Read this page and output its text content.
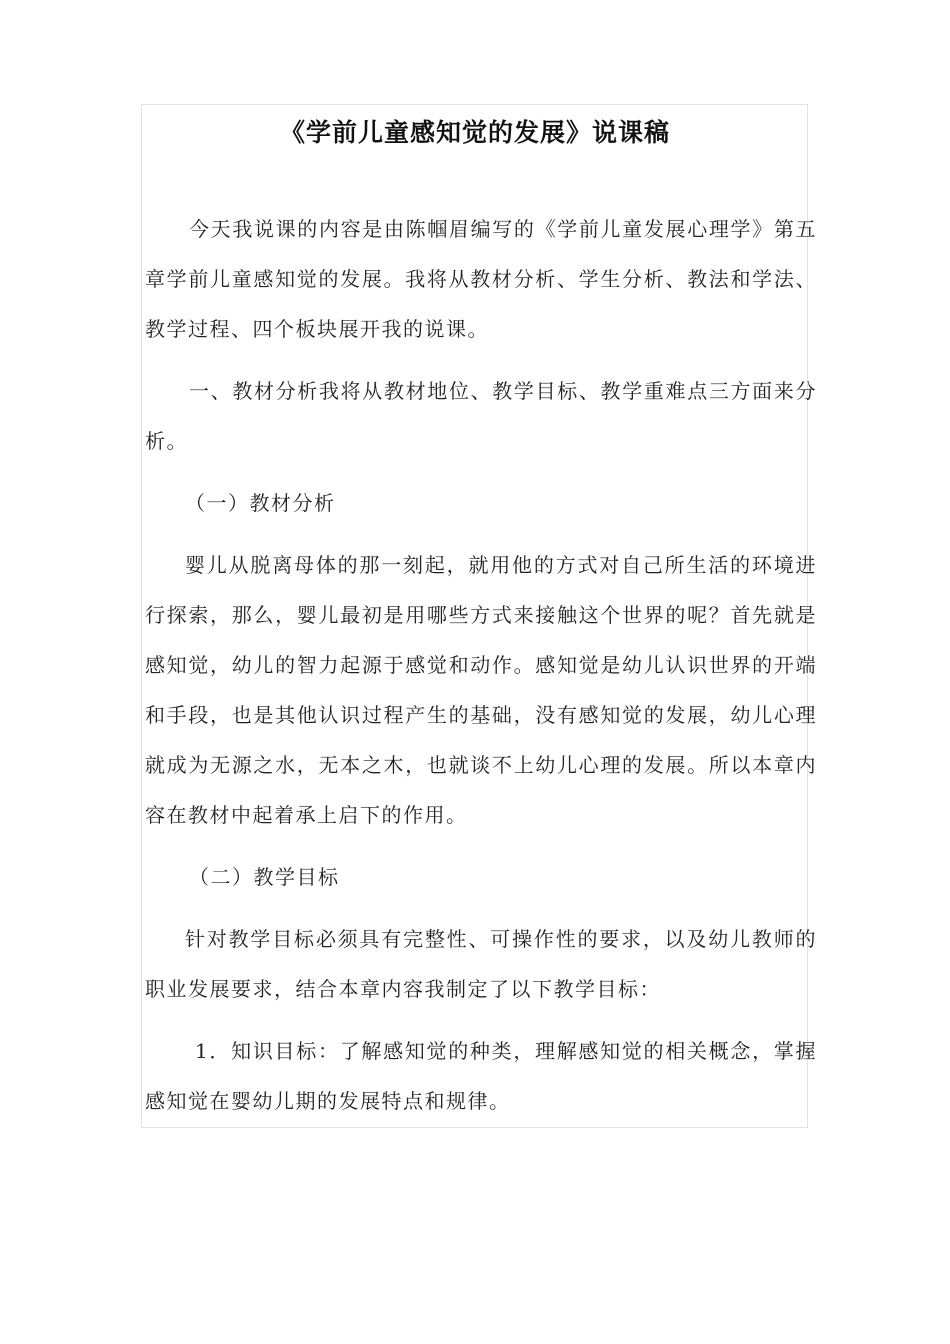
《学前儿童感知觉的发展》说课稿

今天我说课的内容是由陈帼眉编写的《学前儿童发展心理学》第五章学前儿童感知觉的发展。我将从教材分析、学生分析、教法和学法、教学过程、四个板块展开我的说课。

一、教材分析我将从教材地位、教学目标、教学重难点三方面来分析。

（一）教材分析

婴儿从脱离母体的那一刻起，就用他的方式对自己所生活的环境进行探索，那么，婴儿最初是用哪些方式来接触这个世界的呢？首先就是感知觉，幼儿的智力起源于感觉和动作。感知觉是幼儿认识世界的开端和手段，也是其他认识过程产生的基础，没有感知觉的发展，幼儿心理就成为无源之水，无本之木，也就谈不上幼儿心理的发展。所以本章内容在教材中起着承上启下的作用。

（二）教学目标

针对教学目标必须具有完整性、可操作性的要求，以及幼儿教师的职业发展要求，结合本章内容我制定了以下教学目标：

1．知识目标：了解感知觉的种类，理解感知觉的相关概念，掌握感知觉在婴幼儿期的发展特点和规律。
